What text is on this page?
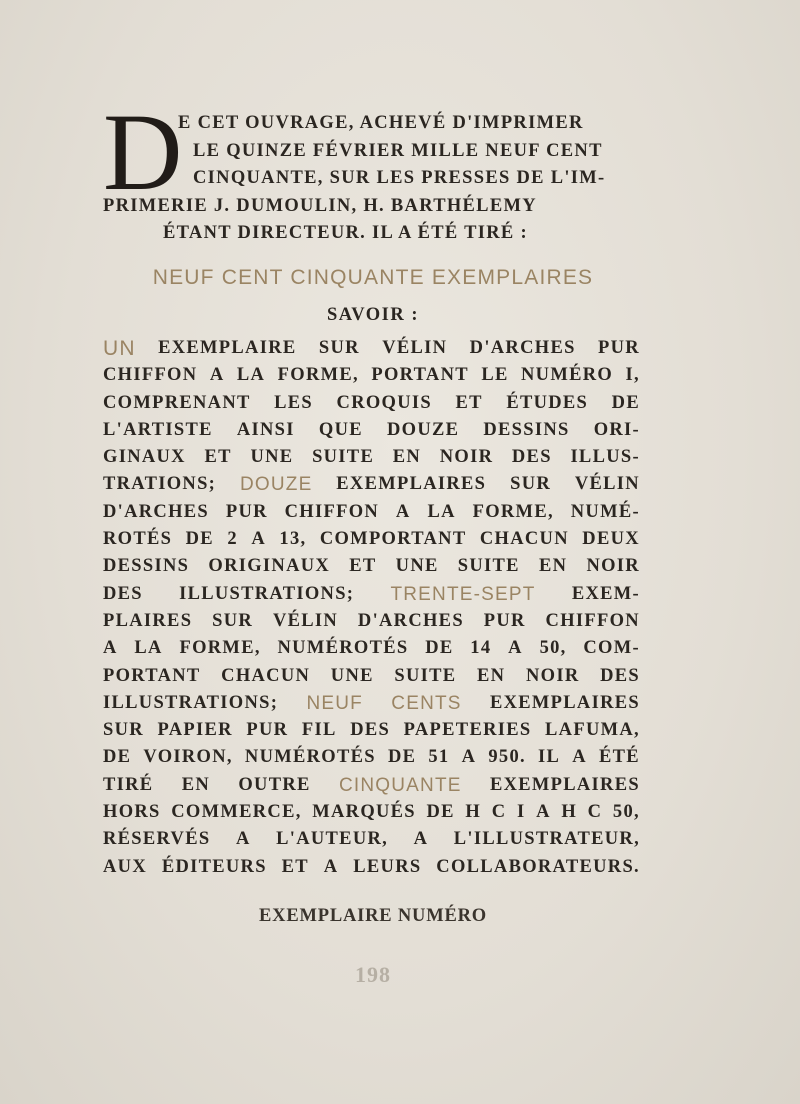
D
E CET OUVRAGE, ACHEVÉ D'IMPRIMER
LE QUINZE FÉVRIER MILLE NEUF CENT
CINQUANTE, SUR LES PRESSES DE L'IM-
PRIMERIE J. DUMOULIN, H. BARTHÉLEMY
ÉTANT DIRECTEUR. IL A ÉTÉ TIRÉ :
NEUF CENT CINQUANTE EXEMPLAIRES
SAVOIR :
UN EXEMPLAIRE SUR VÉLIN D'ARCHES PUR
CHIFFON A LA FORME, PORTANT LE NUMÉRO I,
COMPRENANT LES CROQUIS ET ÉTUDES DE
L'ARTISTE AINSI QUE DOUZE DESSINS ORI-
GINAUX ET UNE SUITE EN NOIR DES ILLUS-
TRATIONS; DOUZE EXEMPLAIRES SUR VÉLIN
D'ARCHES PUR CHIFFON A LA FORME, NUMÉ-
ROTÉS DE 2 A 13, COMPORTANT CHACUN DEUX
DESSINS ORIGINAUX ET UNE SUITE EN NOIR
DES ILLUSTRATIONS; TRENTE-SEPT EXEM-
PLAIRES SUR VÉLIN D'ARCHES PUR CHIFFON
A LA FORME, NUMÉROTÉS DE 14 A 50, COM-
PORTANT CHACUN UNE SUITE EN NOIR DES
ILLUSTRATIONS; NEUF CENTS EXEMPLAIRES
SUR PAPIER PUR FIL DES PAPETERIES LAFUMA,
DE VOIRON, NUMÉROTÉS DE 51 A 950. IL A ÉTÉ
TIRÉ EN OUTRE CINQUANTE EXEMPLAIRES
HORS COMMERCE, MARQUÉS DE H C I A H C 50,
RÉSERVÉS A L'AUTEUR, A L'ILLUSTRATEUR,
AUX ÉDITEURS ET A LEURS COLLABORATEURS.
EXEMPLAIRE NUMÉRO
198
